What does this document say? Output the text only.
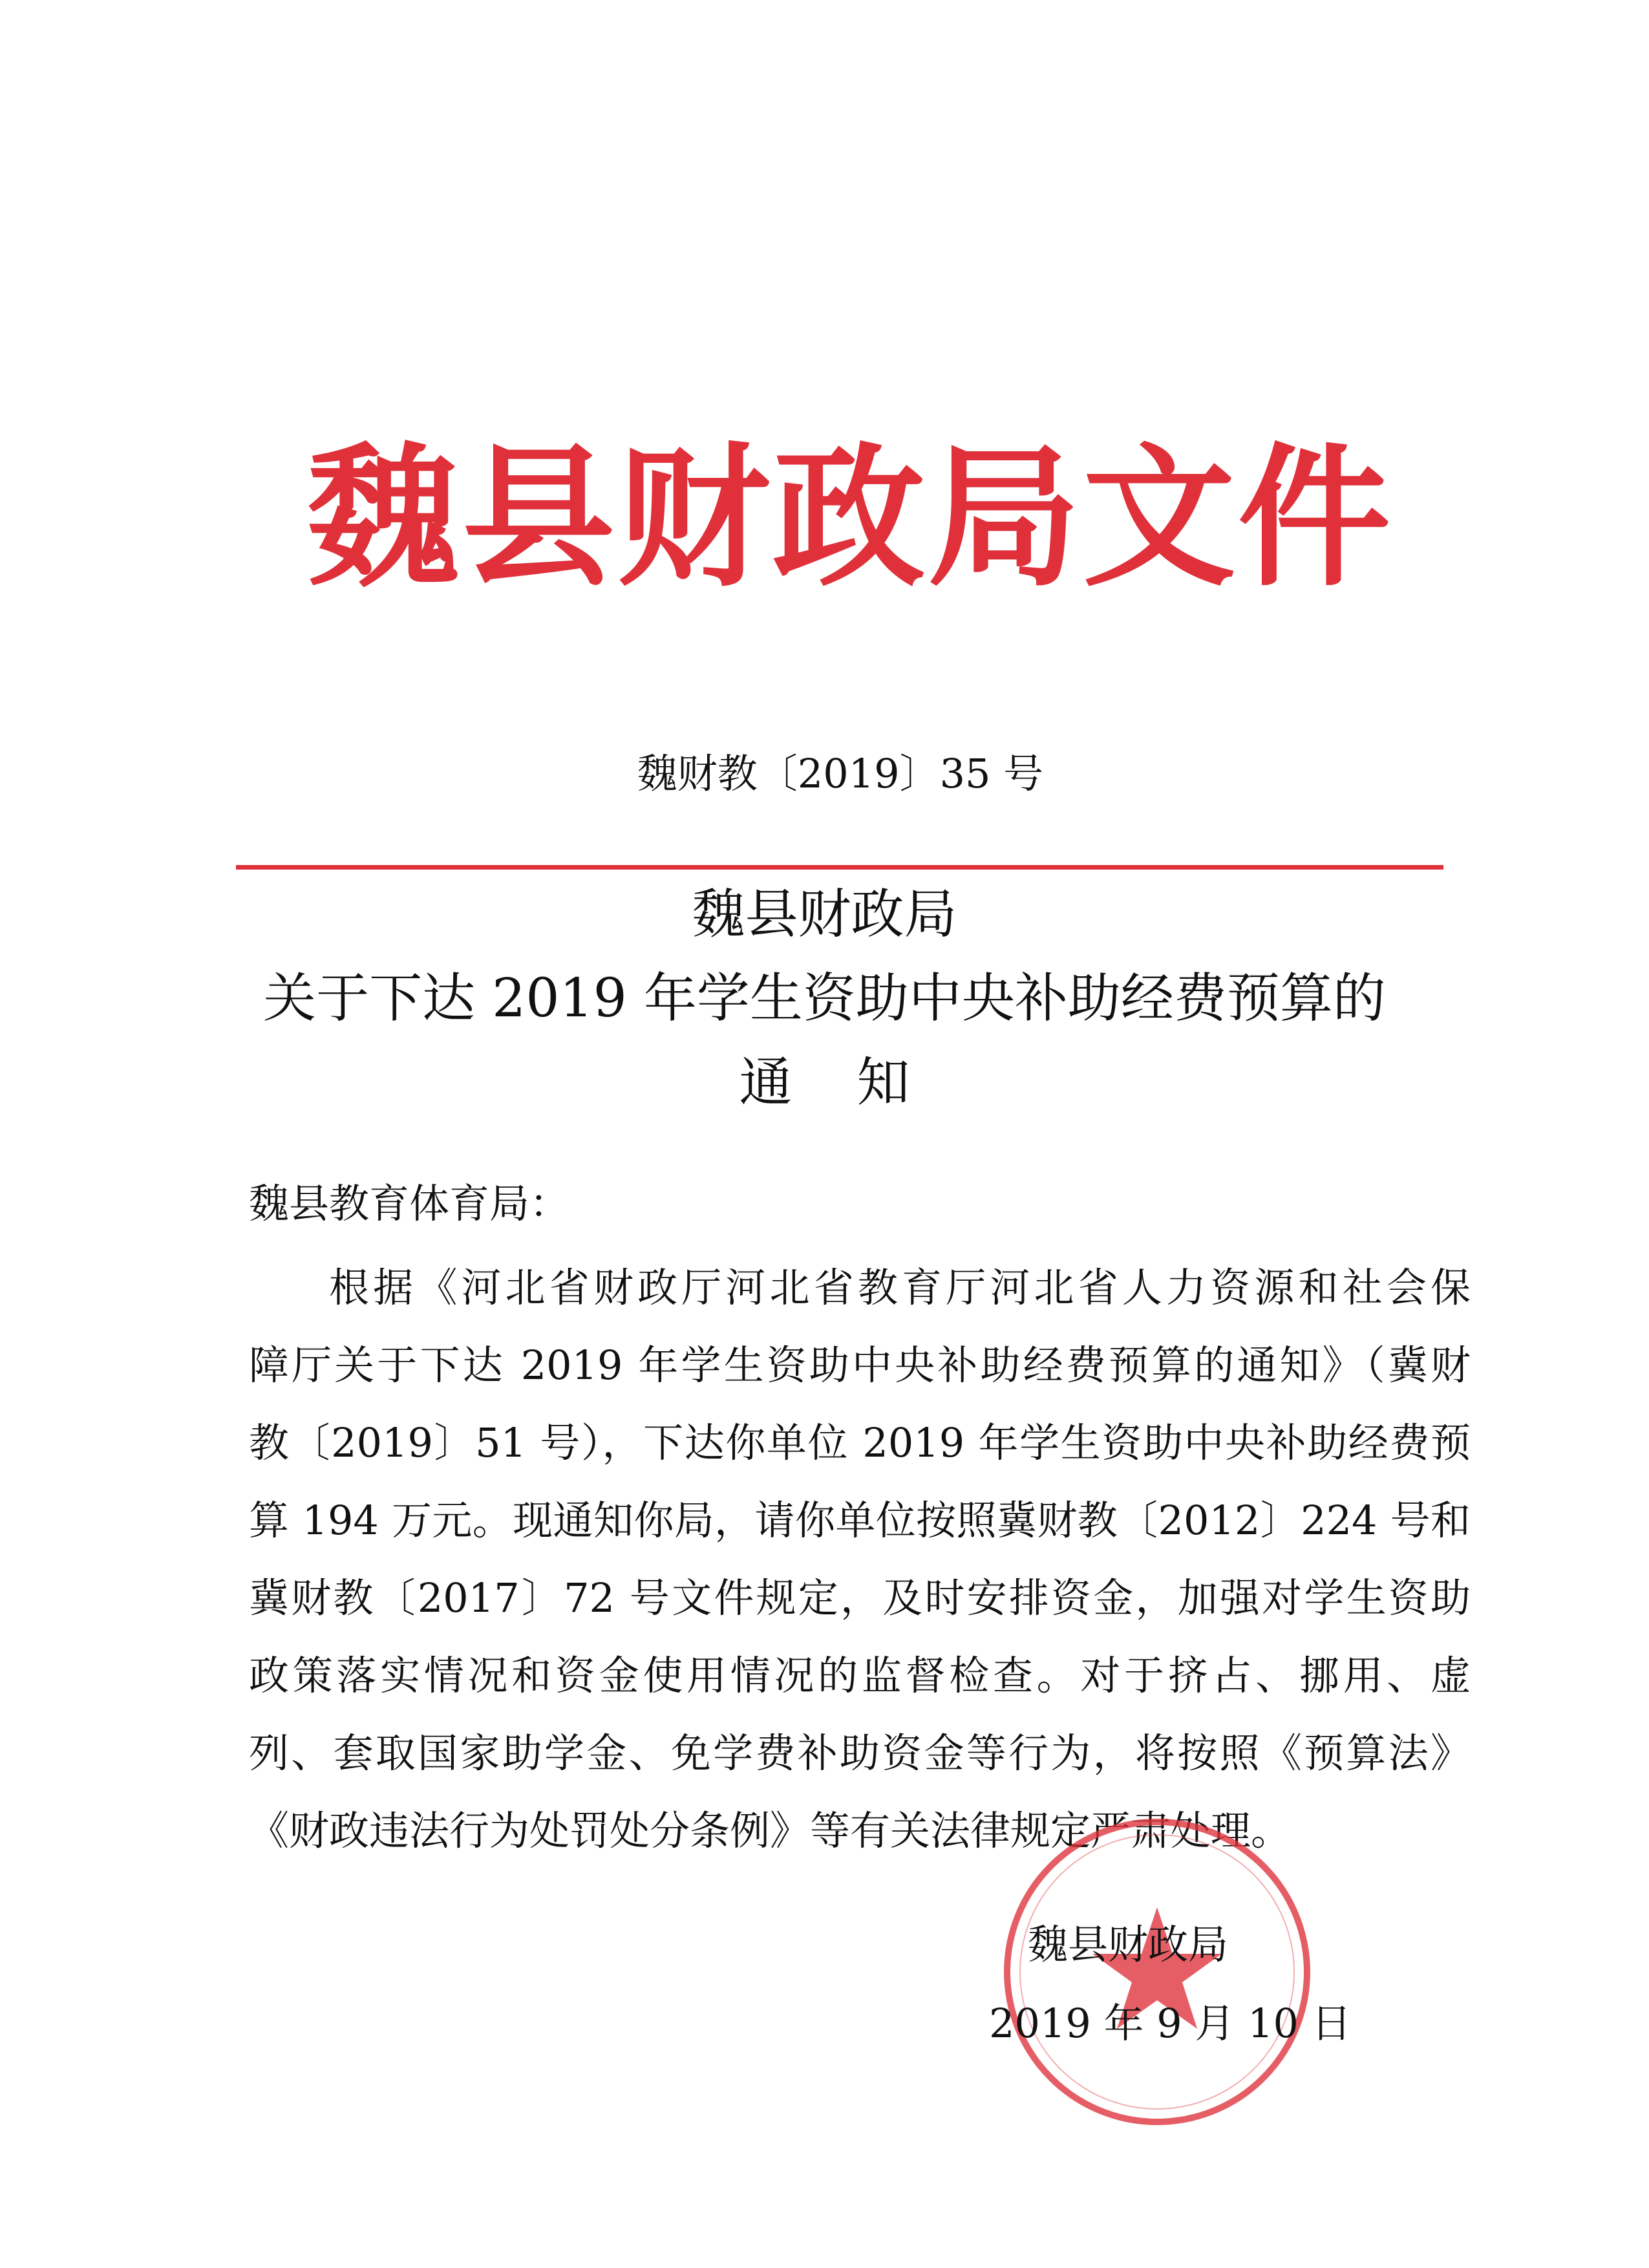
魏县财政局文件
魏财教〔2019〕35 号
魏县财政局
关于下达 2019 年学生资助中央补助经费预算的
通知
魏县教育体育局：
根据《河北省财政厅河北省教育厅河北省人力资源和社会保
障厅关于下达 2019 年学生资助中央补助经费预算的通知》（冀财
教〔2019〕51 号），下达你单位 2019 年学生资助中央补助经费预
算 194 万元。现通知你局，请你单位按照冀财教〔2012〕224 号和
冀财教〔2017〕72 号文件规定，及时安排资金，加强对学生资助
政策落实情况和资金使用情况的监督检查。对于挤占、挪用、虚
列、套取国家助学金、免学费补助资金等行为，将按照《预算法》
《财政违法行为处罚处分条例》等有关法律规定严肃处理。
魏县财政局
2019 年 9 月 10 日
